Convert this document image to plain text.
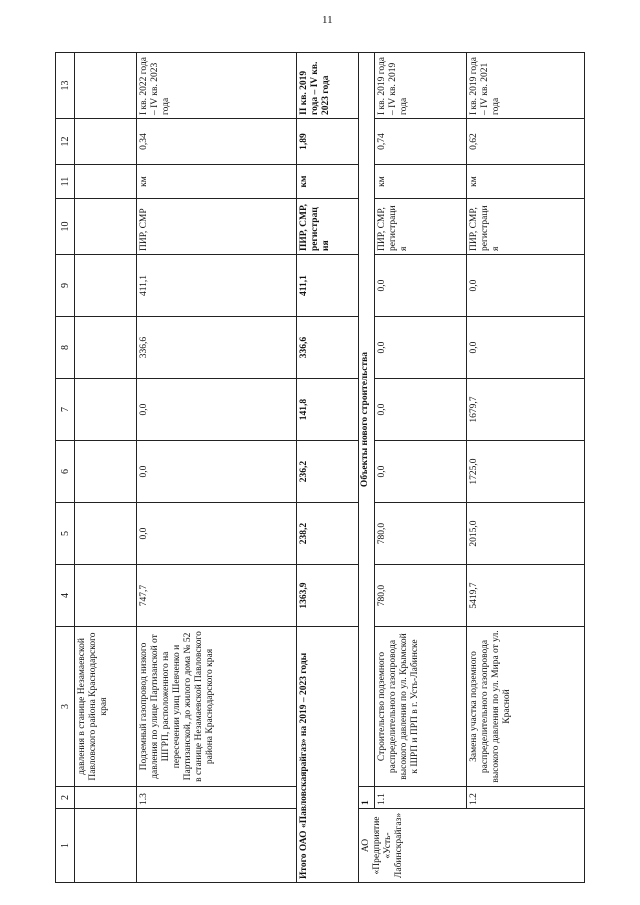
11
1	2	3	4	5	6	7	8	9	10	11	12	13
		давления в станице Незамаевской Павловского района Краснодарского края										
	1.3	Подземный газопровод низкого давления по улице Партизанской от ШГРП, расположенного на пересечении улиц Шевченко и Партизанской, до жилого дома № 52 в станице Незамаевской Павловского района Краснодарского края	747,7	0,0	0,0	0,0	336,6	411,1	ПИР, СМР	км	0,34	I кв. 2022 года – IV кв. 2023 года
Итого ОАО «Павловскаярайгаз» на 2019 – 2023 годы			1363,9	238,2	236,2	141,8	336,6	411,1	ПИР, СМР, регистрация	км	1,89	II кв. 2019 года – IV кв. 2023 года
АО «Предприятие «Усть-Лабинскрайгаз»	1	Объекты нового строительства										
	1.1	Строительство подземного распределительного газопровода высокого давления по ул. Крымской к ШРП и ПРП в г. Усть-Лабинске	780,0	780,0	0,0	0,0	0,0	0,0	ПИР, СМР, регистрация	км	0,74	I кв. 2019 года – IV кв. 2019 года
	1.2	Замена участка подземного распределительного газопровода высокого давления по ул. Мира от ул. Красной	5419,7	2015,0	1725,0	1679,7	0,0	0,0	ПИР, СМР, регистрация	км	0,62	I кв. 2019 года – IV кв. 2021 года
